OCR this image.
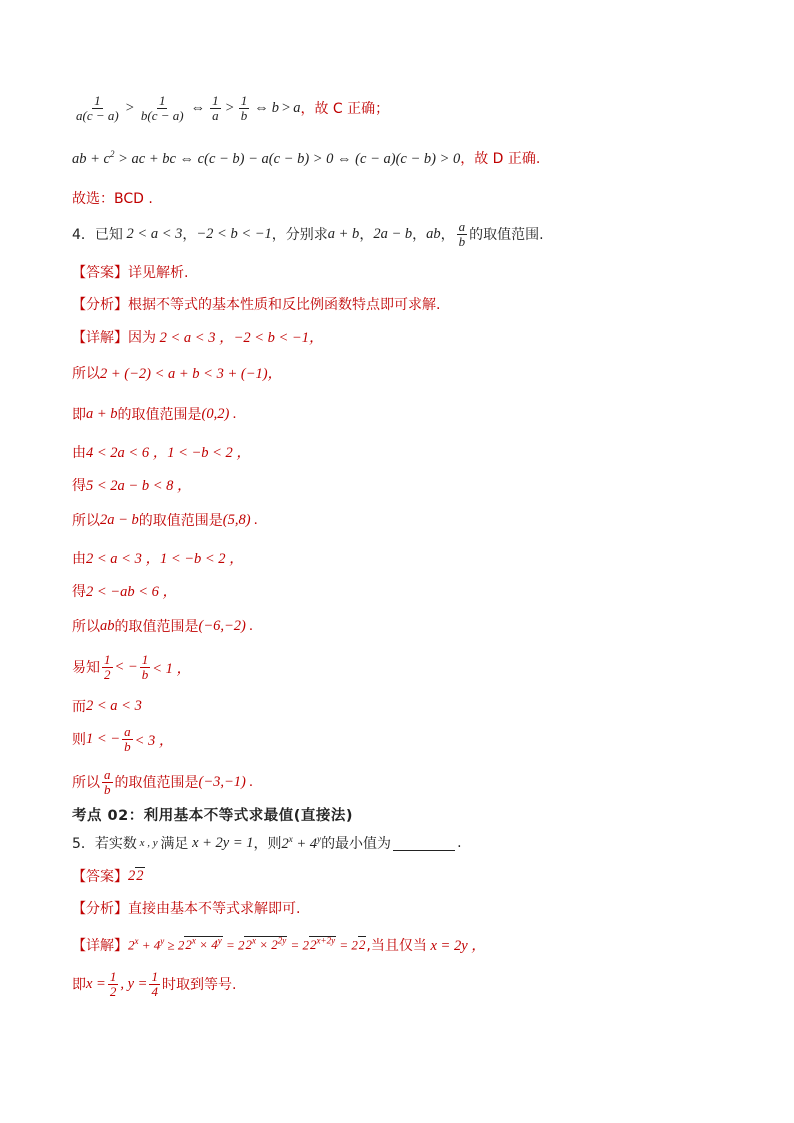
$\frac{1}{a(c - a)} > \frac{1}{b(c - a)}$ ⇔ $\frac{1}{a} > \frac{1}{b}$ ⇔ b > a ，故 C 正确；
ab + $c^2$ > ac + bc ⇔ c(c − b) − a(c − b) > 0 ⇔ (c − a)(c − b) > 0 ，故 D 正确.
故选：BCD .
4．已知 2 < a < 3 ， −2 < b < −1 ，分别求 a + b ， 2a − b ， ab ， $\frac{a}{b}$ 的取值范围.
【答案】 详见解析.
【分析】 根据不等式的基本性质和反比例函数特点即可求解.
【详解】 因为 2 < a < 3 ，−2 < b < −1，
所以 2 + (−2) < a + b < 3 + (−1)，
即 a + b 的取值范围是 (0,2) .
由 4 < 2a < 6 ，1 < −b < 2 ，
得 5 < 2a − b < 8 ，
所以 2a − b 的取值范围是 (5,8) .
由 2 < a < 3 ，1 < −b < 2 ，
得 2 < −ab < 6 ，
所以 ab 的取值范围是 (−6,−2) .
易知 $\frac{1}{2}$ < − $\frac{1}{b} < 1$ ，
而 2 < a < 3
则 1 < − $\frac{a}{b} < 3$ ，
所以 $\frac{a}{b}$ 的取值范围是 (−3,−1) .
考点 02：利用基本不等式求最值(直接法)
5．若实数 x , y 满足 x + 2y = 1 ，则 $2^x + 4^y$ 的最小值为	.
【答案】 22
【分析】 直接由基本不等式求解即可.
【详解】 $2^x + 4^y \ge 22^x \times 4^y = 22^x \times 2^{2y} = 22^{x+2y} = 22$ ,当且仅当 x = 2y ，
即 $x = \frac{1}{2}$ , $y = \frac{1}{4}$ 时取到等号.
